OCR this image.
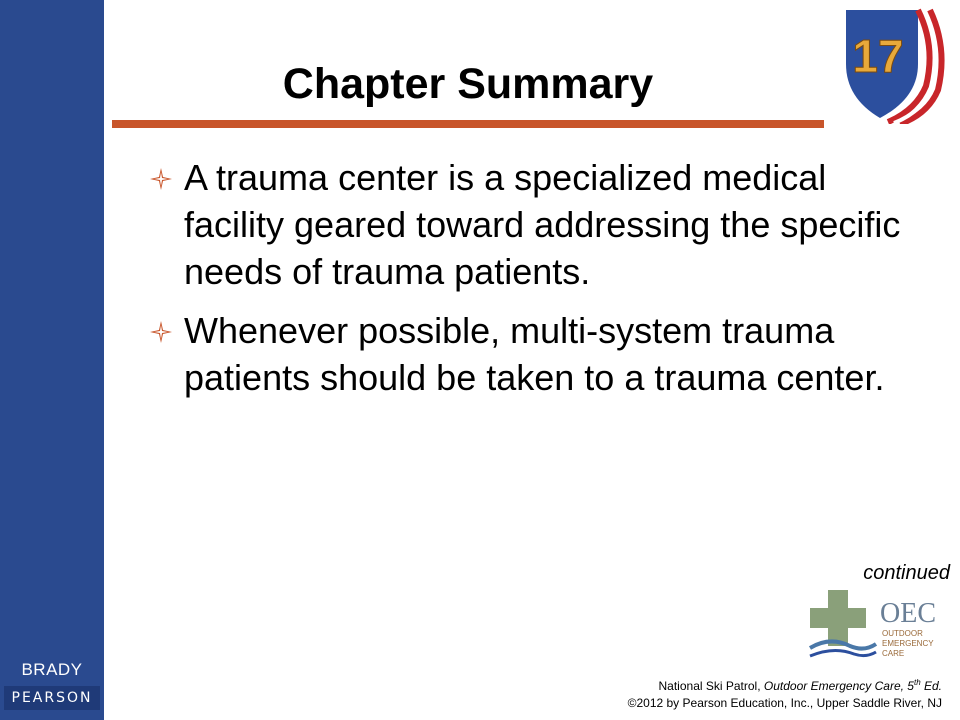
BRADY
PEARSON
Chapter Summary
17
A trauma center is a specialized medical facility geared toward addressing the specific needs of trauma patients.
Whenever possible, multi-system trauma patients should be taken to a trauma center.
continued
OEC
OUTDOOR
EMERGENCY
CARE
National Ski Patrol, Outdoor Emergency Care, 5th Ed.
©2012 by Pearson Education, Inc., Upper Saddle River, NJ
